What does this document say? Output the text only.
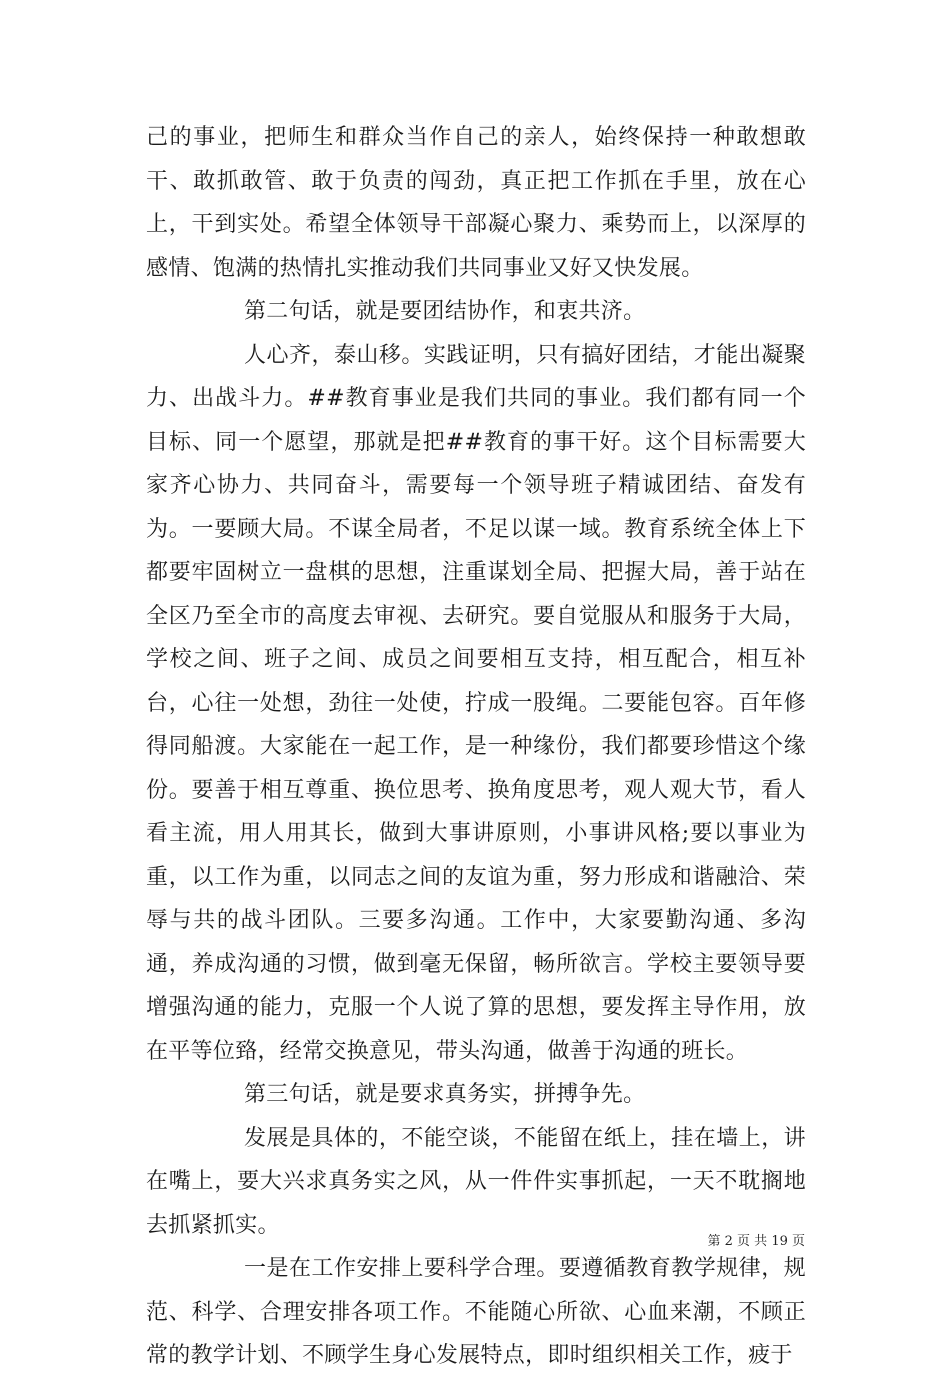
己的事业，把师生和群众当作自己的亲人，始终保持一种敢想敢干、敢抓敢管、敢于负责的闯劲，真正把工作抓在手里，放在心上，干到实处。希望全体领导干部凝心聚力、乘势而上，以深厚的感情、饱满的热情扎实推动我们共同事业又好又快发展。

第二句话，就是要团结协作，和衷共济。

人心齐，泰山移。实践证明，只有搞好团结，才能出凝聚力、出战斗力。##教育事业是我们共同的事业。我们都有同一个目标、同一个愿望，那就是把##教育的事干好。这个目标需要大家齐心协力、共同奋斗，需要每一个领导班子精诚团结、奋发有为。一要顾大局。不谋全局者，不足以谋一域。教育系统全体上下都要牢固树立一盘棋的思想，注重谋划全局、把握大局，善于站在全区乃至全市的高度去审视、去研究。要自觉服从和服务于大局，学校之间、班子之间、成员之间要相互支持，相互配合，相互补台，心往一处想，劲往一处使，拧成一股绳。二要能包容。百年修得同船渡。大家能在一起工作，是一种缘份，我们都要珍惜这个缘份。要善于相互尊重、换位思考、换角度思考，观人观大节，看人看主流，用人用其长，做到大事讲原则，小事讲风格;要以事业为重，以工作为重，以同志之间的友谊为重，努力形成和谐融洽、荣辱与共的战斗团队。三要多沟通。工作中，大家要勤沟通、多沟通，养成沟通的习惯，做到毫无保留，畅所欲言。学校主要领导要增强沟通的能力，克服一个人说了算的思想，要发挥主导作用，放在平等位臵，经常交换意见，带头沟通，做善于沟通的班长。

第三句话，就是要求真务实，拼搏争先。

发展是具体的，不能空谈，不能留在纸上，挂在墙上，讲在嘴上，要大兴求真务实之风，从一件件实事抓起，一天不耽搁地去抓紧抓实。

一是在工作安排上要科学合理。要遵循教育教学规律，规范、科学、合理安排各项工作。不能随心所欲、心血来潮，不顾正常的教学计划、不顾学生身心发展特点，即时组织相关工作，疲于

第 2 页 共 19 页
